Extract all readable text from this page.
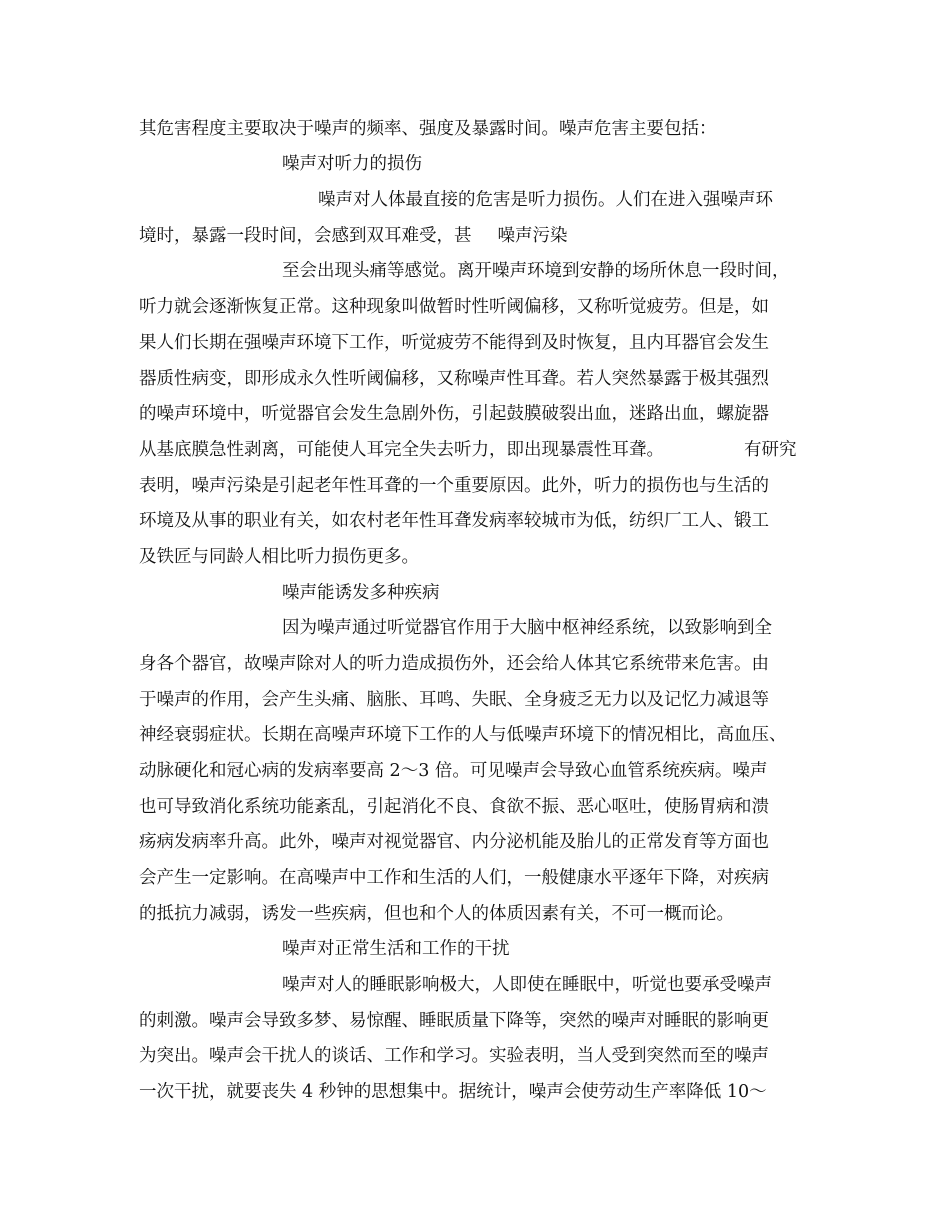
其危害程度主要取决于噪声的频率、强度及暴露时间。噪声危害主要包括：
噪声对听力的损伤
噪声对人体最直接的危害是听力损伤。人们在进入强噪声环
境时，暴露一段时间，会感到双耳难受，甚 噪声污染
至会出现头痛等感觉。离开噪声环境到安静的场所休息一段时间，
听力就会逐渐恢复正常。这种现象叫做暂时性听阈偏移，又称听觉疲劳。但是，如
果人们长期在强噪声环境下工作，听觉疲劳不能得到及时恢复，且内耳器官会发生
器质性病变，即形成永久性听阈偏移，又称噪声性耳聋。若人突然暴露于极其强烈
的噪声环境中，听觉器官会发生急剧外伤，引起鼓膜破裂出血，迷路出血，螺旋器
从基底膜急性剥离，可能使人耳完全失去听力，即出现暴震性耳聋。	有研究
表明，噪声污染是引起老年性耳聋的一个重要原因。此外，听力的损伤也与生活的
环境及从事的职业有关，如农村老年性耳聋发病率较城市为低，纺织厂工人、锻工
及铁匠与同龄人相比听力损伤更多。
噪声能诱发多种疾病
因为噪声通过听觉器官作用于大脑中枢神经系统，以致影响到全
身各个器官，故噪声除对人的听力造成损伤外，还会给人体其它系统带来危害。由
于噪声的作用，会产生头痛、脑胀、耳鸣、失眠、全身疲乏无力以及记忆力减退等
神经衰弱症状。长期在高噪声环境下工作的人与低噪声环境下的情况相比，高血压、
动脉硬化和冠心病的发病率要高 2～3 倍。可见噪声会导致心血管系统疾病。噪声
也可导致消化系统功能紊乱，引起消化不良、食欲不振、恶心呕吐，使肠胃病和溃
疡病发病率升高。此外，噪声对视觉器官、内分泌机能及胎儿的正常发育等方面也
会产生一定影响。在高噪声中工作和生活的人们，一般健康水平逐年下降，对疾病
的抵抗力减弱，诱发一些疾病，但也和个人的体质因素有关，不可一概而论。
噪声对正常生活和工作的干扰
噪声对人的睡眠影响极大，人即使在睡眠中，听觉也要承受噪声
的刺激。噪声会导致多梦、易惊醒、睡眠质量下降等，突然的噪声对睡眠的影响更
为突出。噪声会干扰人的谈话、工作和学习。实验表明，当人受到突然而至的噪声
一次干扰，就要丧失 4 秒钟的思想集中。据统计，噪声会使劳动生产率降低 10～
